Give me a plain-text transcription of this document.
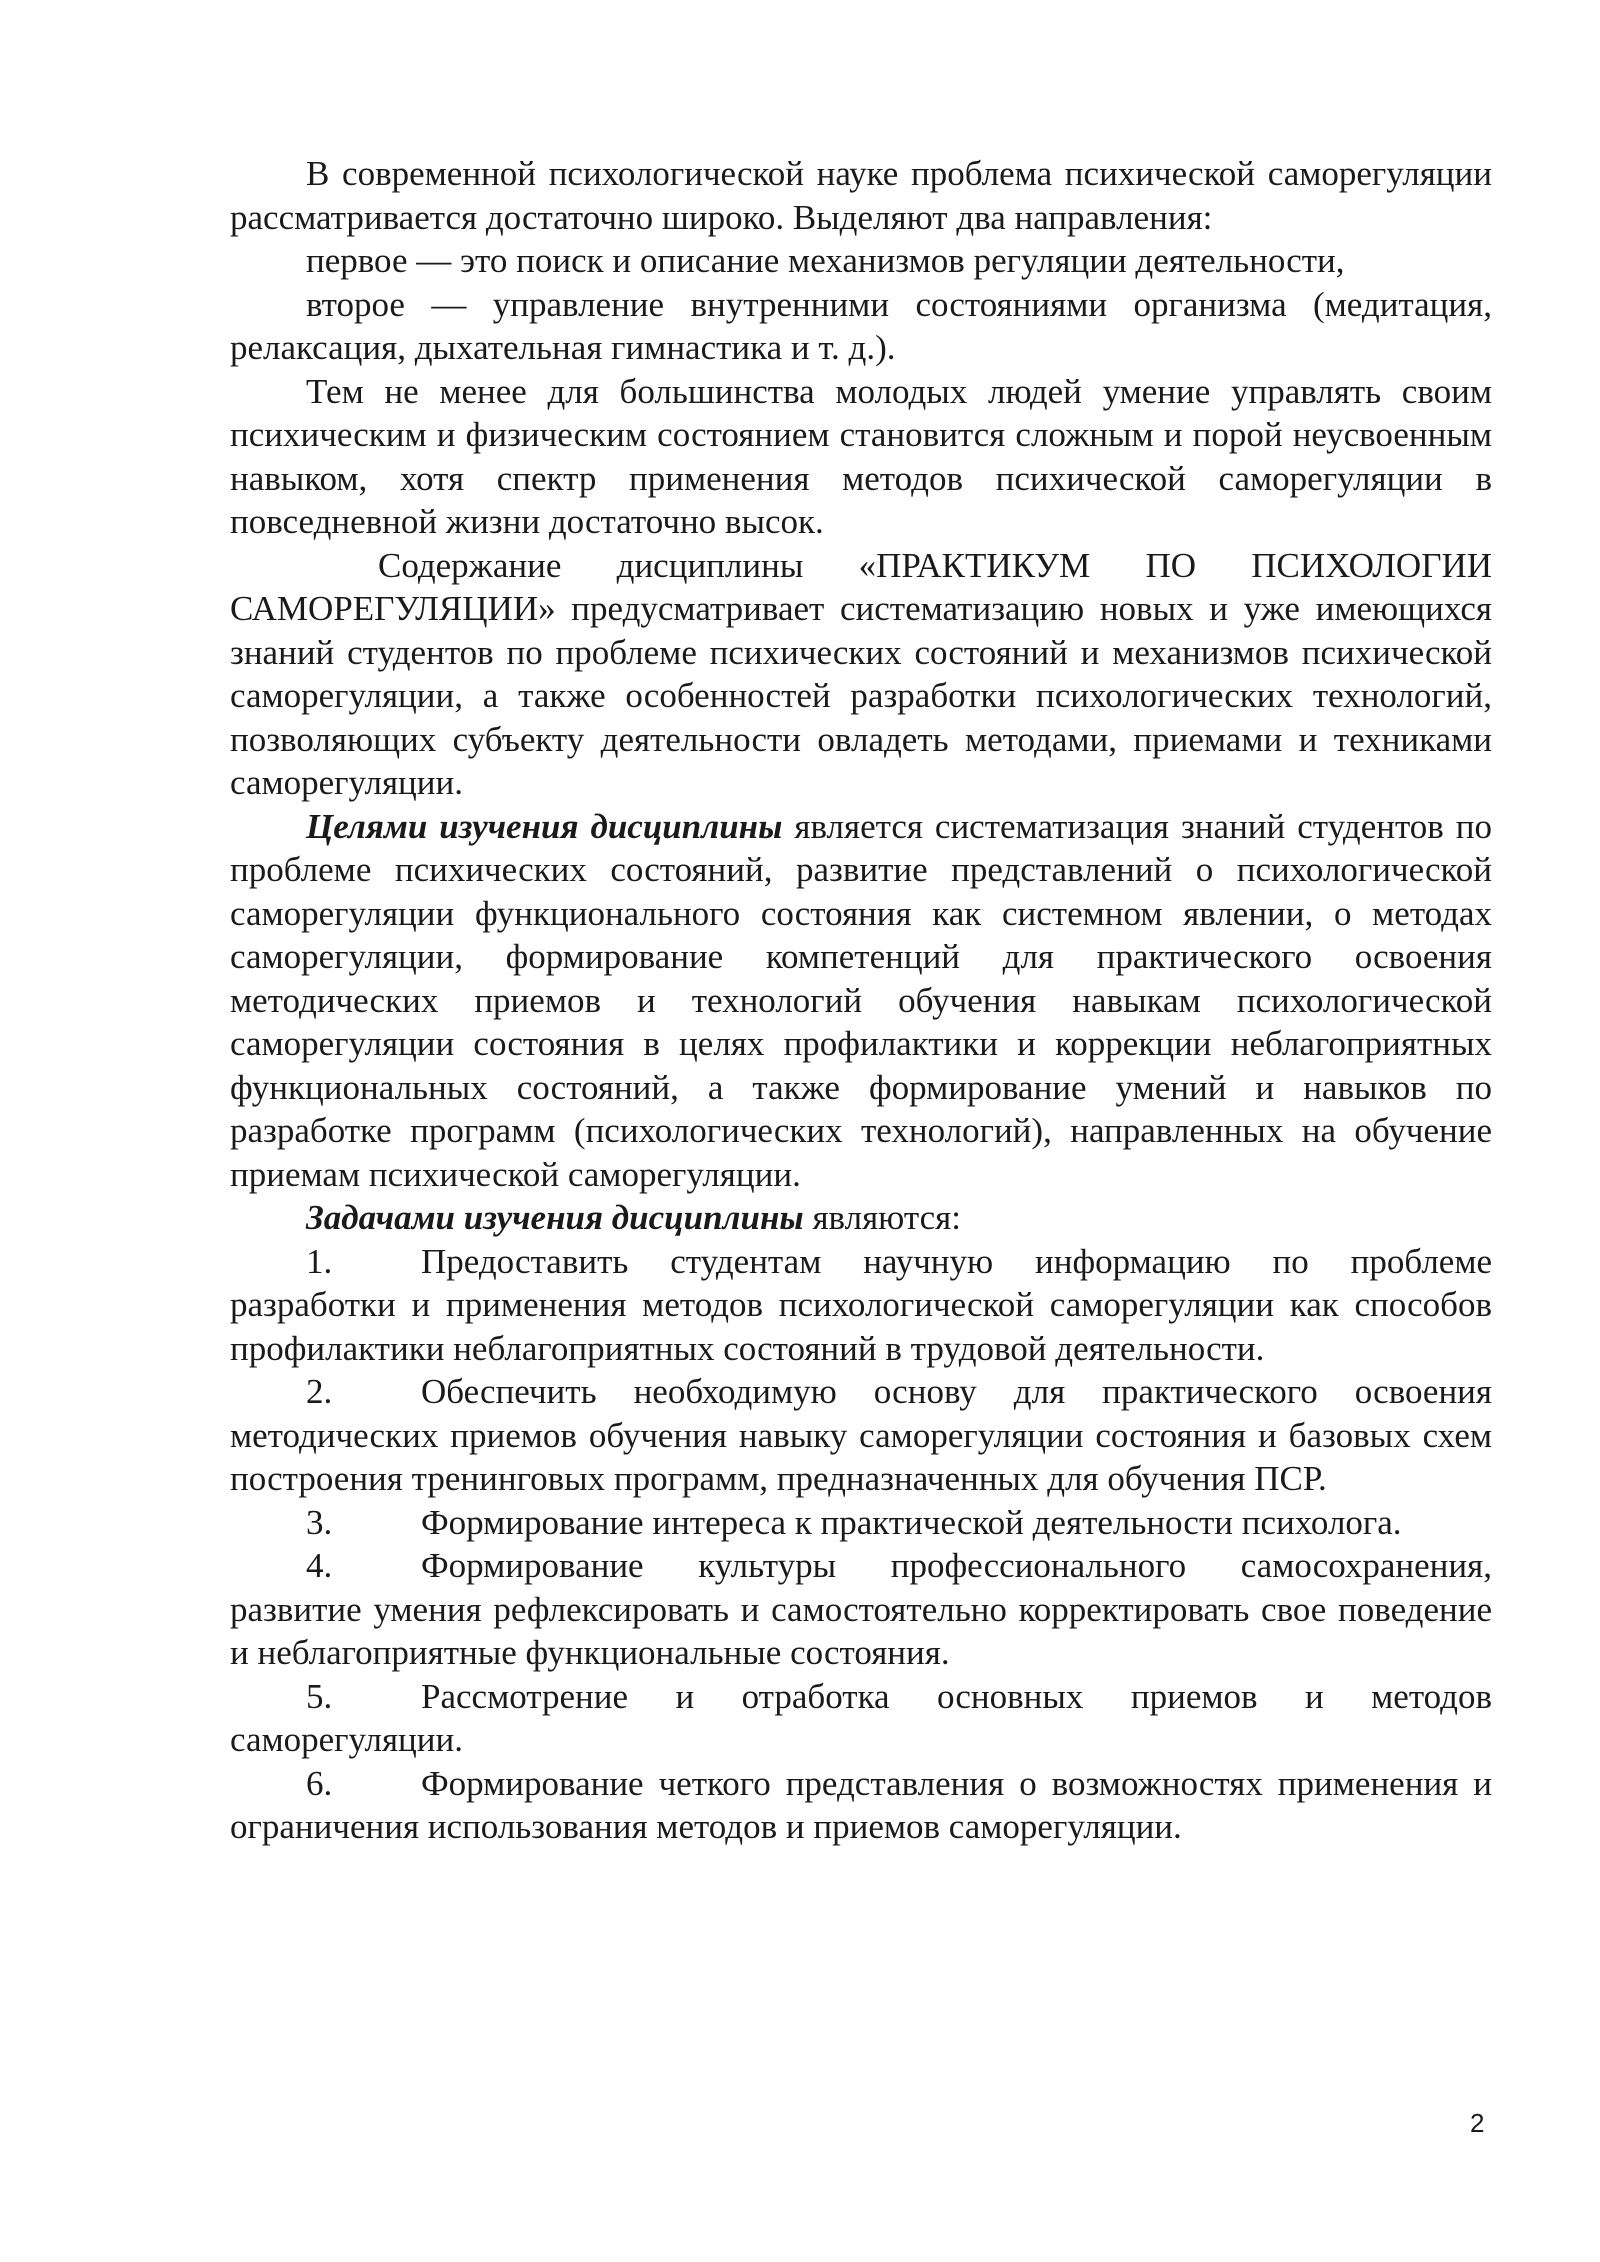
В современной психологической науке проблема психической саморегуляции рассматривается достаточно широко. Выделяют два направления:

первое — это поиск и описание механизмов регуляции деятельности,

второе — управление внутренними состояниями организма (медитация, релаксация, дыхательная гимнастика и т. д.).

Тем не менее для большинства молодых людей умение управлять своим психическим и физическим состоянием становится сложным и порой неусвоенным навыком, хотя спектр применения методов психической саморегуляции в повседневной жизни достаточно высок.

Содержание дисциплины «ПРАКТИКУМ ПО ПСИХОЛОГИИ САМОРЕГУЛЯЦИИ» предусматривает систематизацию новых и уже имеющихся знаний студентов по проблеме психических состояний и механизмов психической саморегуляции, а также особенностей разработки психологических технологий, позволяющих субъекту деятельности овладеть методами, приемами и техниками саморегуляции.

Целями изучения дисциплины является систематизация знаний студентов по проблеме психических состояний, развитие представлений о психологической саморегуляции функционального состояния как системном явлении, о методах саморегуляции, формирование компетенций для практического освоения методических приемов и технологий обучения навыкам психологической саморегуляции состояния в целях профилактики и коррекции неблагоприятных функциональных состояний, а также формирование умений и навыков по разработке программ (психологических технологий), направленных на обучение приемам психической саморегуляции.

Задачами изучения дисциплины являются:

1.	Предоставить студентам научную информацию по проблеме разработки и применения методов психологической саморегуляции как способов профилактики неблагоприятных состояний в трудовой деятельности.

2.	Обеспечить необходимую основу для практического освоения методических приемов обучения навыку саморегуляции состояния и базовых схем построения тренинговых программ, предназначенных для обучения ПСР.

3.	Формирование интереса к практической деятельности психолога.

4.	Формирование культуры профессионального самосохранения, развитие умения рефлексировать и самостоятельно корректировать свое поведение и неблагоприятные функциональные состояния.

5.	Рассмотрение и отработка основных приемов и методов саморегуляции.

6.	Формирование четкого представления о возможностях применения и ограничения использования методов и приемов саморегуляции.

2
